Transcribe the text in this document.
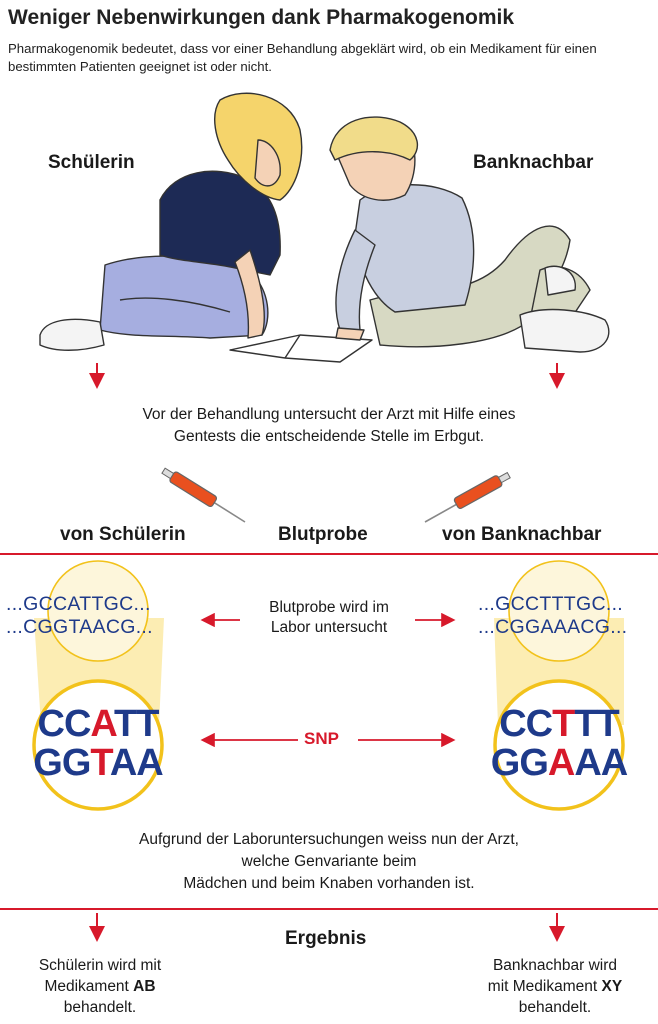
Weniger Nebenwirkungen dank Pharmakogenomik
Pharmakogenomik bedeutet, dass vor einer Behandlung abgeklärt wird, ob ein Medikament für einen bestimmten Patienten geeignet ist oder nicht.
Schülerin	Banknachbar
Vor der Behandlung untersucht der Arzt mit Hilfe eines
Gentests die entscheidende Stelle im Erbgut.
von Schülerin	Blutprobe	von Banknachbar
...GCCATTGC...
...CGGTAACG...
...GCCTTTGC...
...CGGAAACG...
Blutprobe wird im
Labor untersucht
CCATT
GGTAA
CCTTT
GGAAA
SNP
Aufgrund der Laboruntersuchungen weiss nun der Arzt,
welche Genvariante beim
Mädchen und beim Knaben vorhanden ist.
Ergebnis
Schülerin wird mit
Medikament AB
behandelt.
Banknachbar wird
mit Medikament XY
behandelt.
